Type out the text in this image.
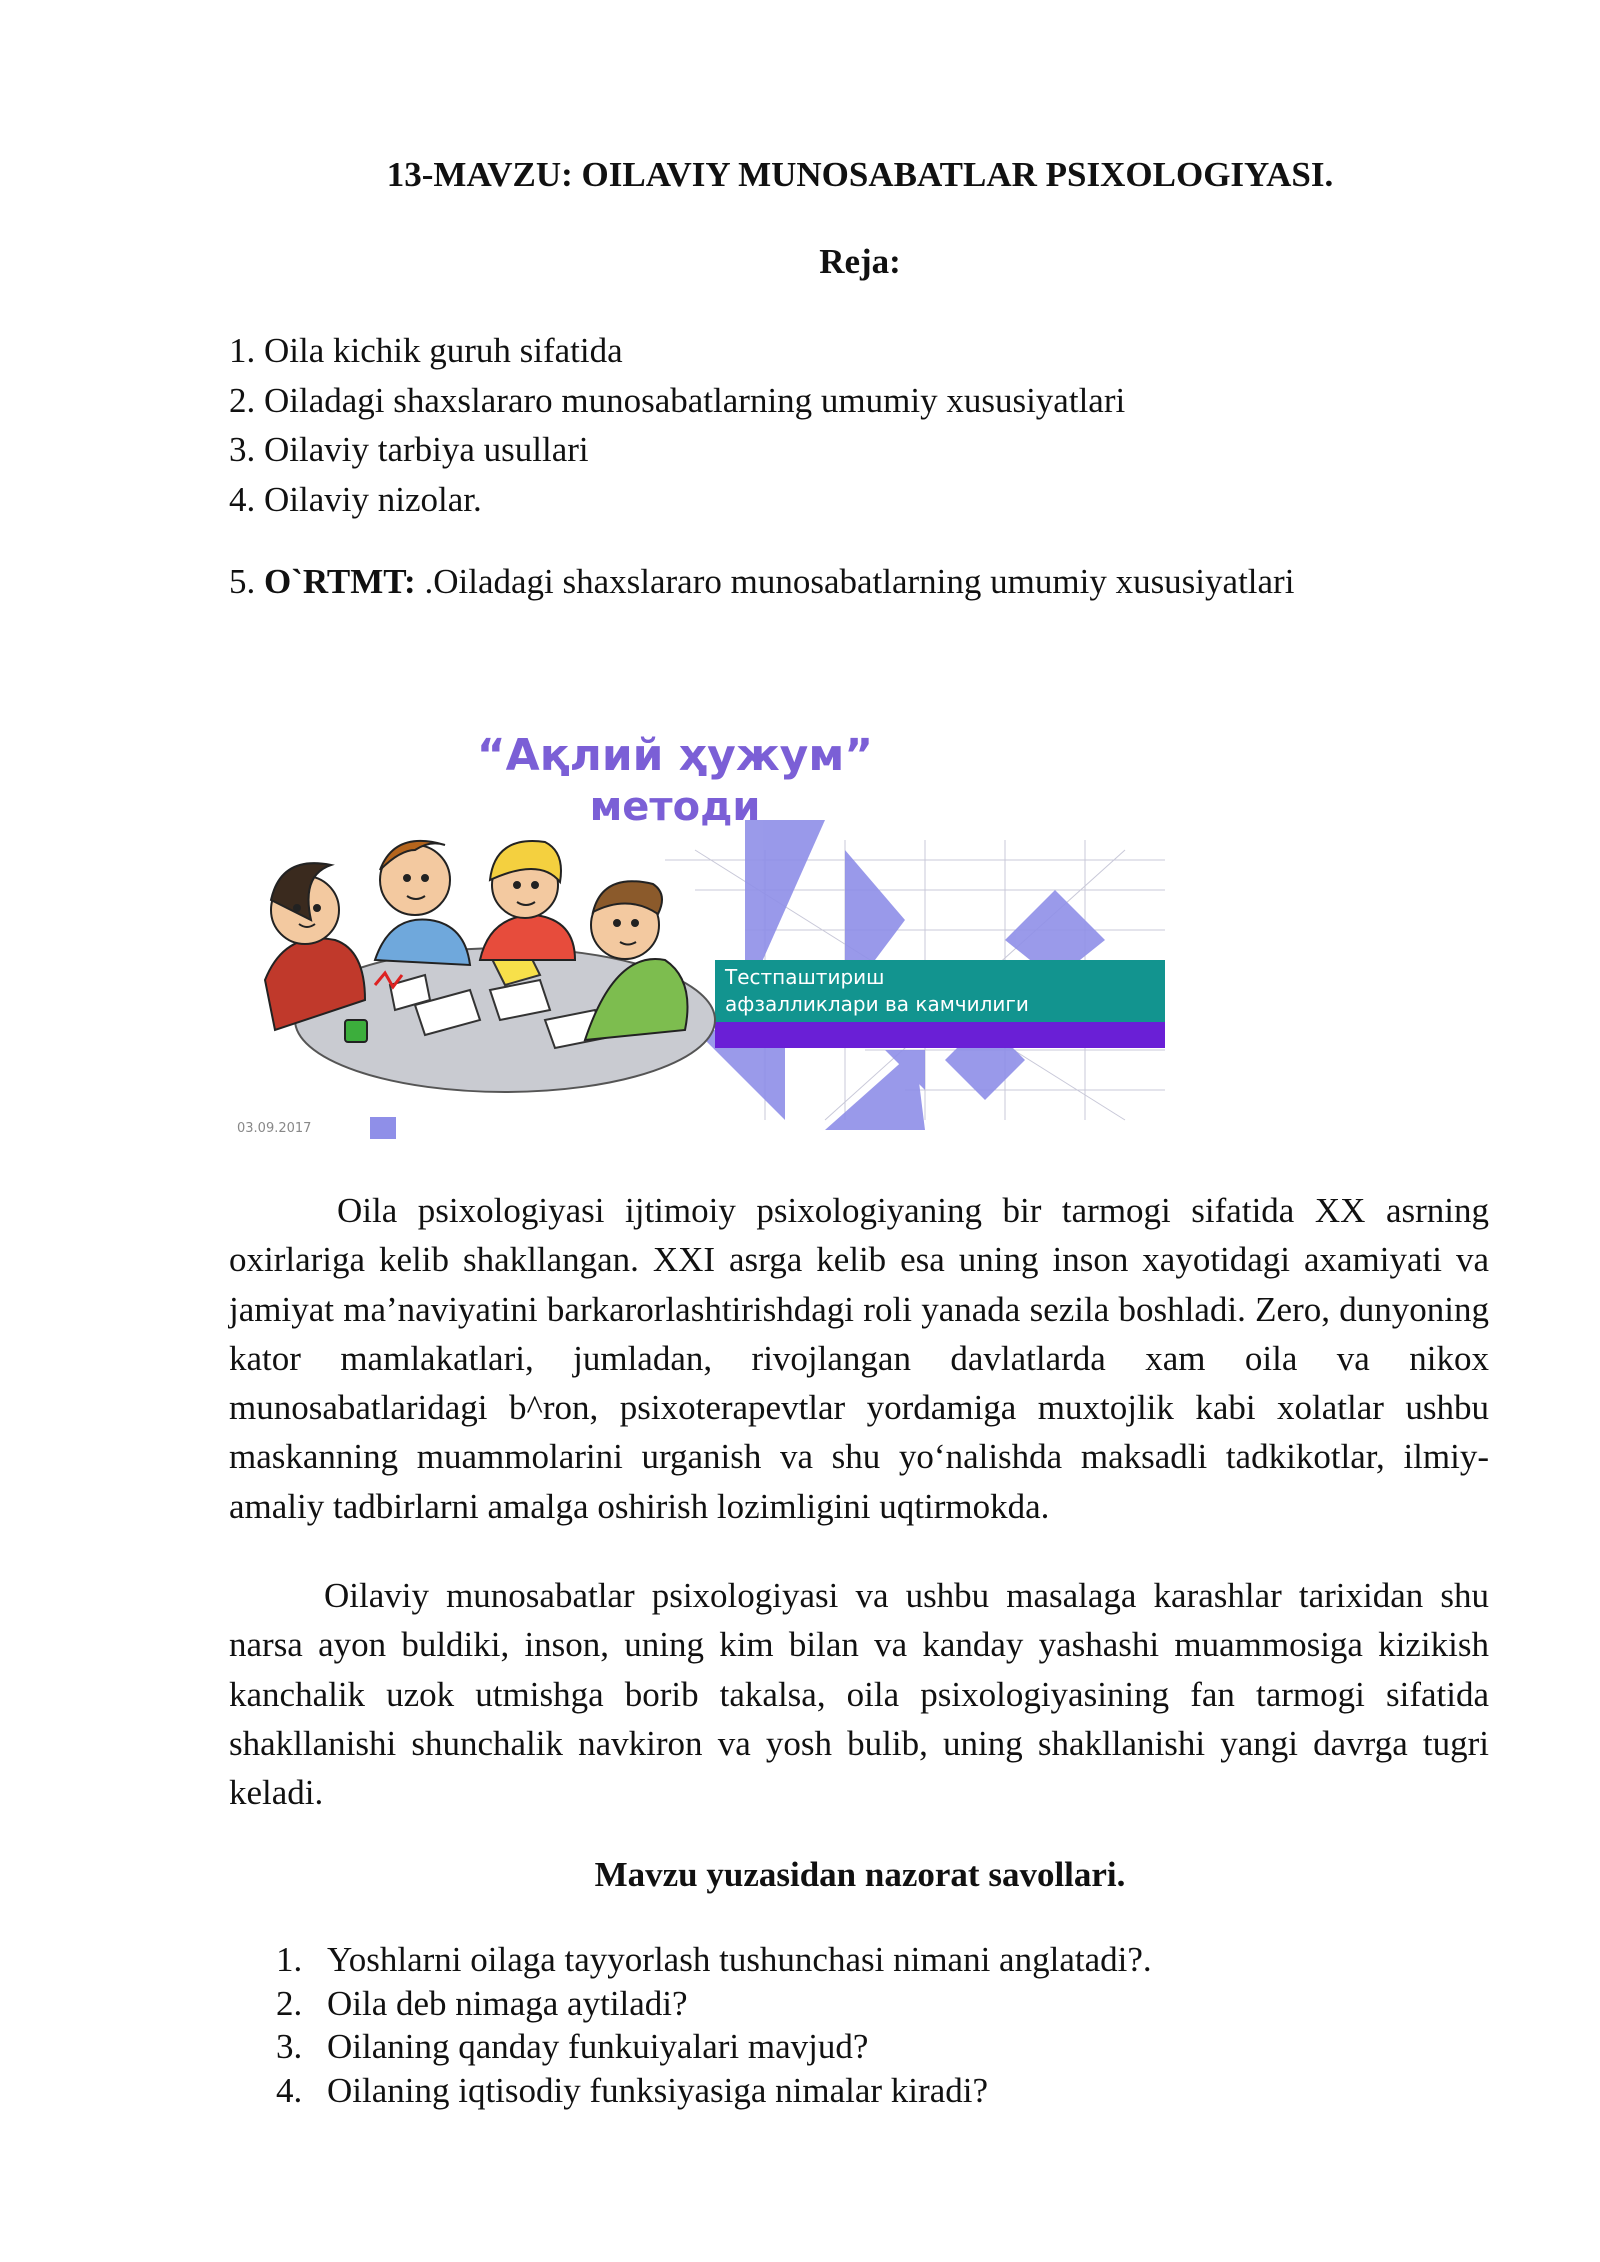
13-MAVZU: OILAVIY MUNOSABATLAR PSIXOLOGIYASI.
Reja:
1. Oila kichik guruh sifatida
2. Oiladagi shaxslararo munosabatlarning umumiy xususiyatlari
3. Oilaviy tarbiya usullari
4. Oilaviy nizolar.
5. O`RTMT: .Oiladagi shaxslararo munosabatlarning umumiy xususiyatlari
“Ақлий ҳужум”
методи
Тестпаштириш
афзалликлари ва камчилиги
03.09.2017
Oila psixologiyasi ijtimoiy psixologiyaning bir tarmogi sifatida XX asrning oxirlariga kelib shakllangan. XXI asrga kelib esa uning inson xayotidagi axamiyati va jamiyat ma’naviyatini barkarorlashtirishdagi roli yanada sezila boshladi. Zero, dunyoning kator mamlakatlari, jumladan, rivojlangan davlatlarda xam oila va nikox munosabatlaridagi b^ron, psixoterapevtlar yordamiga muxtojlik kabi xolatlar ushbu maskanning muammolarini urganish va shu yo‘nalishda maksadli tadkikotlar, ilmiy-amaliy tadbirlarni amalga oshirish lozimligini uqtirmokda.
Oilaviy munosabatlar psixologiyasi va ushbu masalaga karashlar tarixidan shu narsa ayon buldiki, inson, uning kim bilan va kanday yashashi muammosiga kizikish kanchalik uzok utmishga borib takalsa, oila psixologiyasining fan tarmogi sifatida shakllanishi shunchalik navkiron va yosh bulib, uning shakllanishi yangi davrga tugri keladi.
Mavzu yuzasidan nazorat savollari.
1. Yoshlarni oilaga tayyorlash tushunchasi nimani anglatadi?.
2. Oila deb nimaga aytiladi?
3. Oilaning qanday funkuiyalari mavjud?
4. Oilaning iqtisodiy funksiyasiga nimalar kiradi?
